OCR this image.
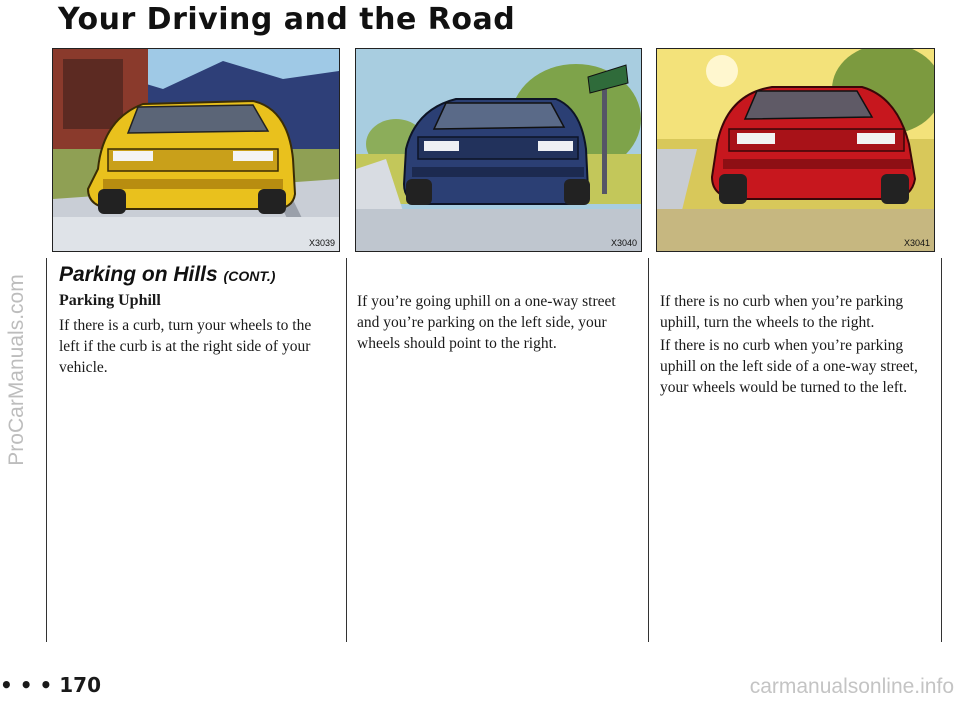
Your Driving and the Road
ProCarManuals.com
X3039	X3040	X3041
Parking on Hills (CONT.)
Parking Uphill

If there is a curb, turn your wheels to the left if the curb is at the right side of your vehicle.

If you’re going uphill on a one-way street and you’re parking on the left side, your wheels should point to the right.

If there is no curb when you’re parking uphill, turn the wheels to the right.

If there is no curb when you’re parking uphill on the left side of a one-way street, your wheels would be turned to the left.

• • • 170	carmanualsonline.info
